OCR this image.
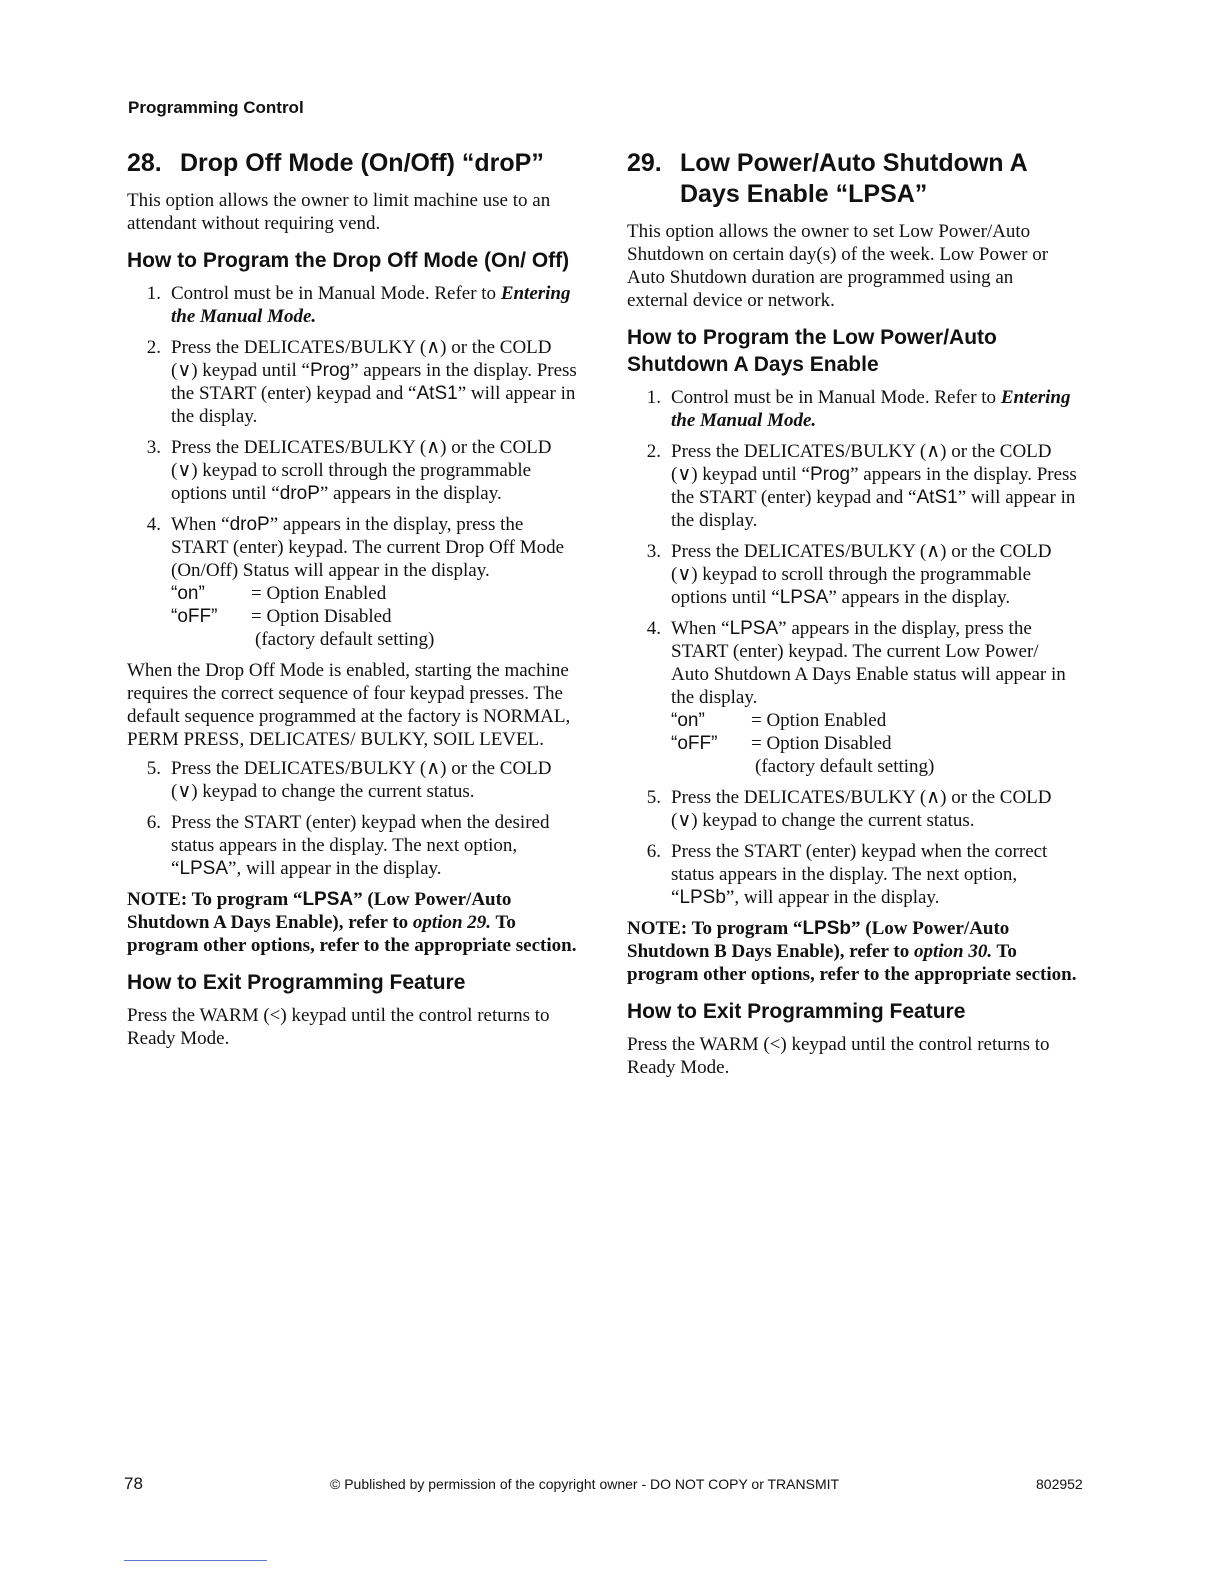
Programming Control
28. Drop Off Mode (On/Off) “droP”

This option allows the owner to limit machine use to an attendant without requiring vend.

How to Program the Drop Off Mode (On/ Off)
1. Control must be in Manual Mode. Refer to Entering the Manual Mode.
2. Press the DELICATES/BULKY (∧) or the COLD (∨) keypad until “Prog” appears in the display. Press the START (enter) keypad and “AtS1” will appear in the display.
3. Press the DELICATES/BULKY (∧) or the COLD (∨) keypad to scroll through the programmable options until “droP” appears in the display.
4. When “droP” appears in the display, press the START (enter) keypad. The current Drop Off Mode (On/Off) Status will appear in the display.
“on”	= Option Enabled
“oFF”	= Option Disabled
(factory default setting)

When the Drop Off Mode is enabled, starting the machine requires the correct sequence of four keypad presses. The default sequence programmed at the factory is NORMAL, PERM PRESS, DELICATES/ BULKY, SOIL LEVEL.

5. Press the DELICATES/BULKY (∧) or the COLD (∨) keypad to change the current status.
6. Press the START (enter) keypad when the desired status appears in the display. The next option, “LPSA”, will appear in the display.
NOTE: To program “LPSA” (Low Power/Auto Shutdown A Days Enable), refer to option 29. To program other options, refer to the appropriate section.
How to Exit Programming Feature

Press the WARM (<) keypad until the control returns to Ready Mode.

29. Low Power/Auto Shutdown A Days Enable “LPSA”

This option allows the owner to set Low Power/Auto Shutdown on certain day(s) of the week. Low Power or Auto Shutdown duration are programmed using an external device or network.

How to Program the Low Power/Auto Shutdown A Days Enable
1. Control must be in Manual Mode. Refer to Entering the Manual Mode.
2. Press the DELICATES/BULKY (∧) or the COLD (∨) keypad until “Prog” appears in the display. Press the START (enter) keypad and “AtS1” will appear in the display.
3. Press the DELICATES/BULKY (∧) or the COLD (∨) keypad to scroll through the programmable options until “LPSA” appears in the display.
4. When “LPSA” appears in the display, press the START (enter) keypad. The current Low Power/ Auto Shutdown A Days Enable status will appear in the display.
“on”	= Option Enabled
“oFF”	= Option Disabled
(factory default setting)
5. Press the DELICATES/BULKY (∧) or the COLD (∨) keypad to change the current status.
6. Press the START (enter) keypad when the correct status appears in the display. The next option, “LPSb”, will appear in the display.
NOTE: To program “LPSb” (Low Power/Auto Shutdown B Days Enable), refer to option 30. To program other options, refer to the appropriate section.
How to Exit Programming Feature

Press the WARM (<) keypad until the control returns to Ready Mode.

78	© Published by permission of the copyright owner - DO NOT COPY or TRANSMIT	802952
